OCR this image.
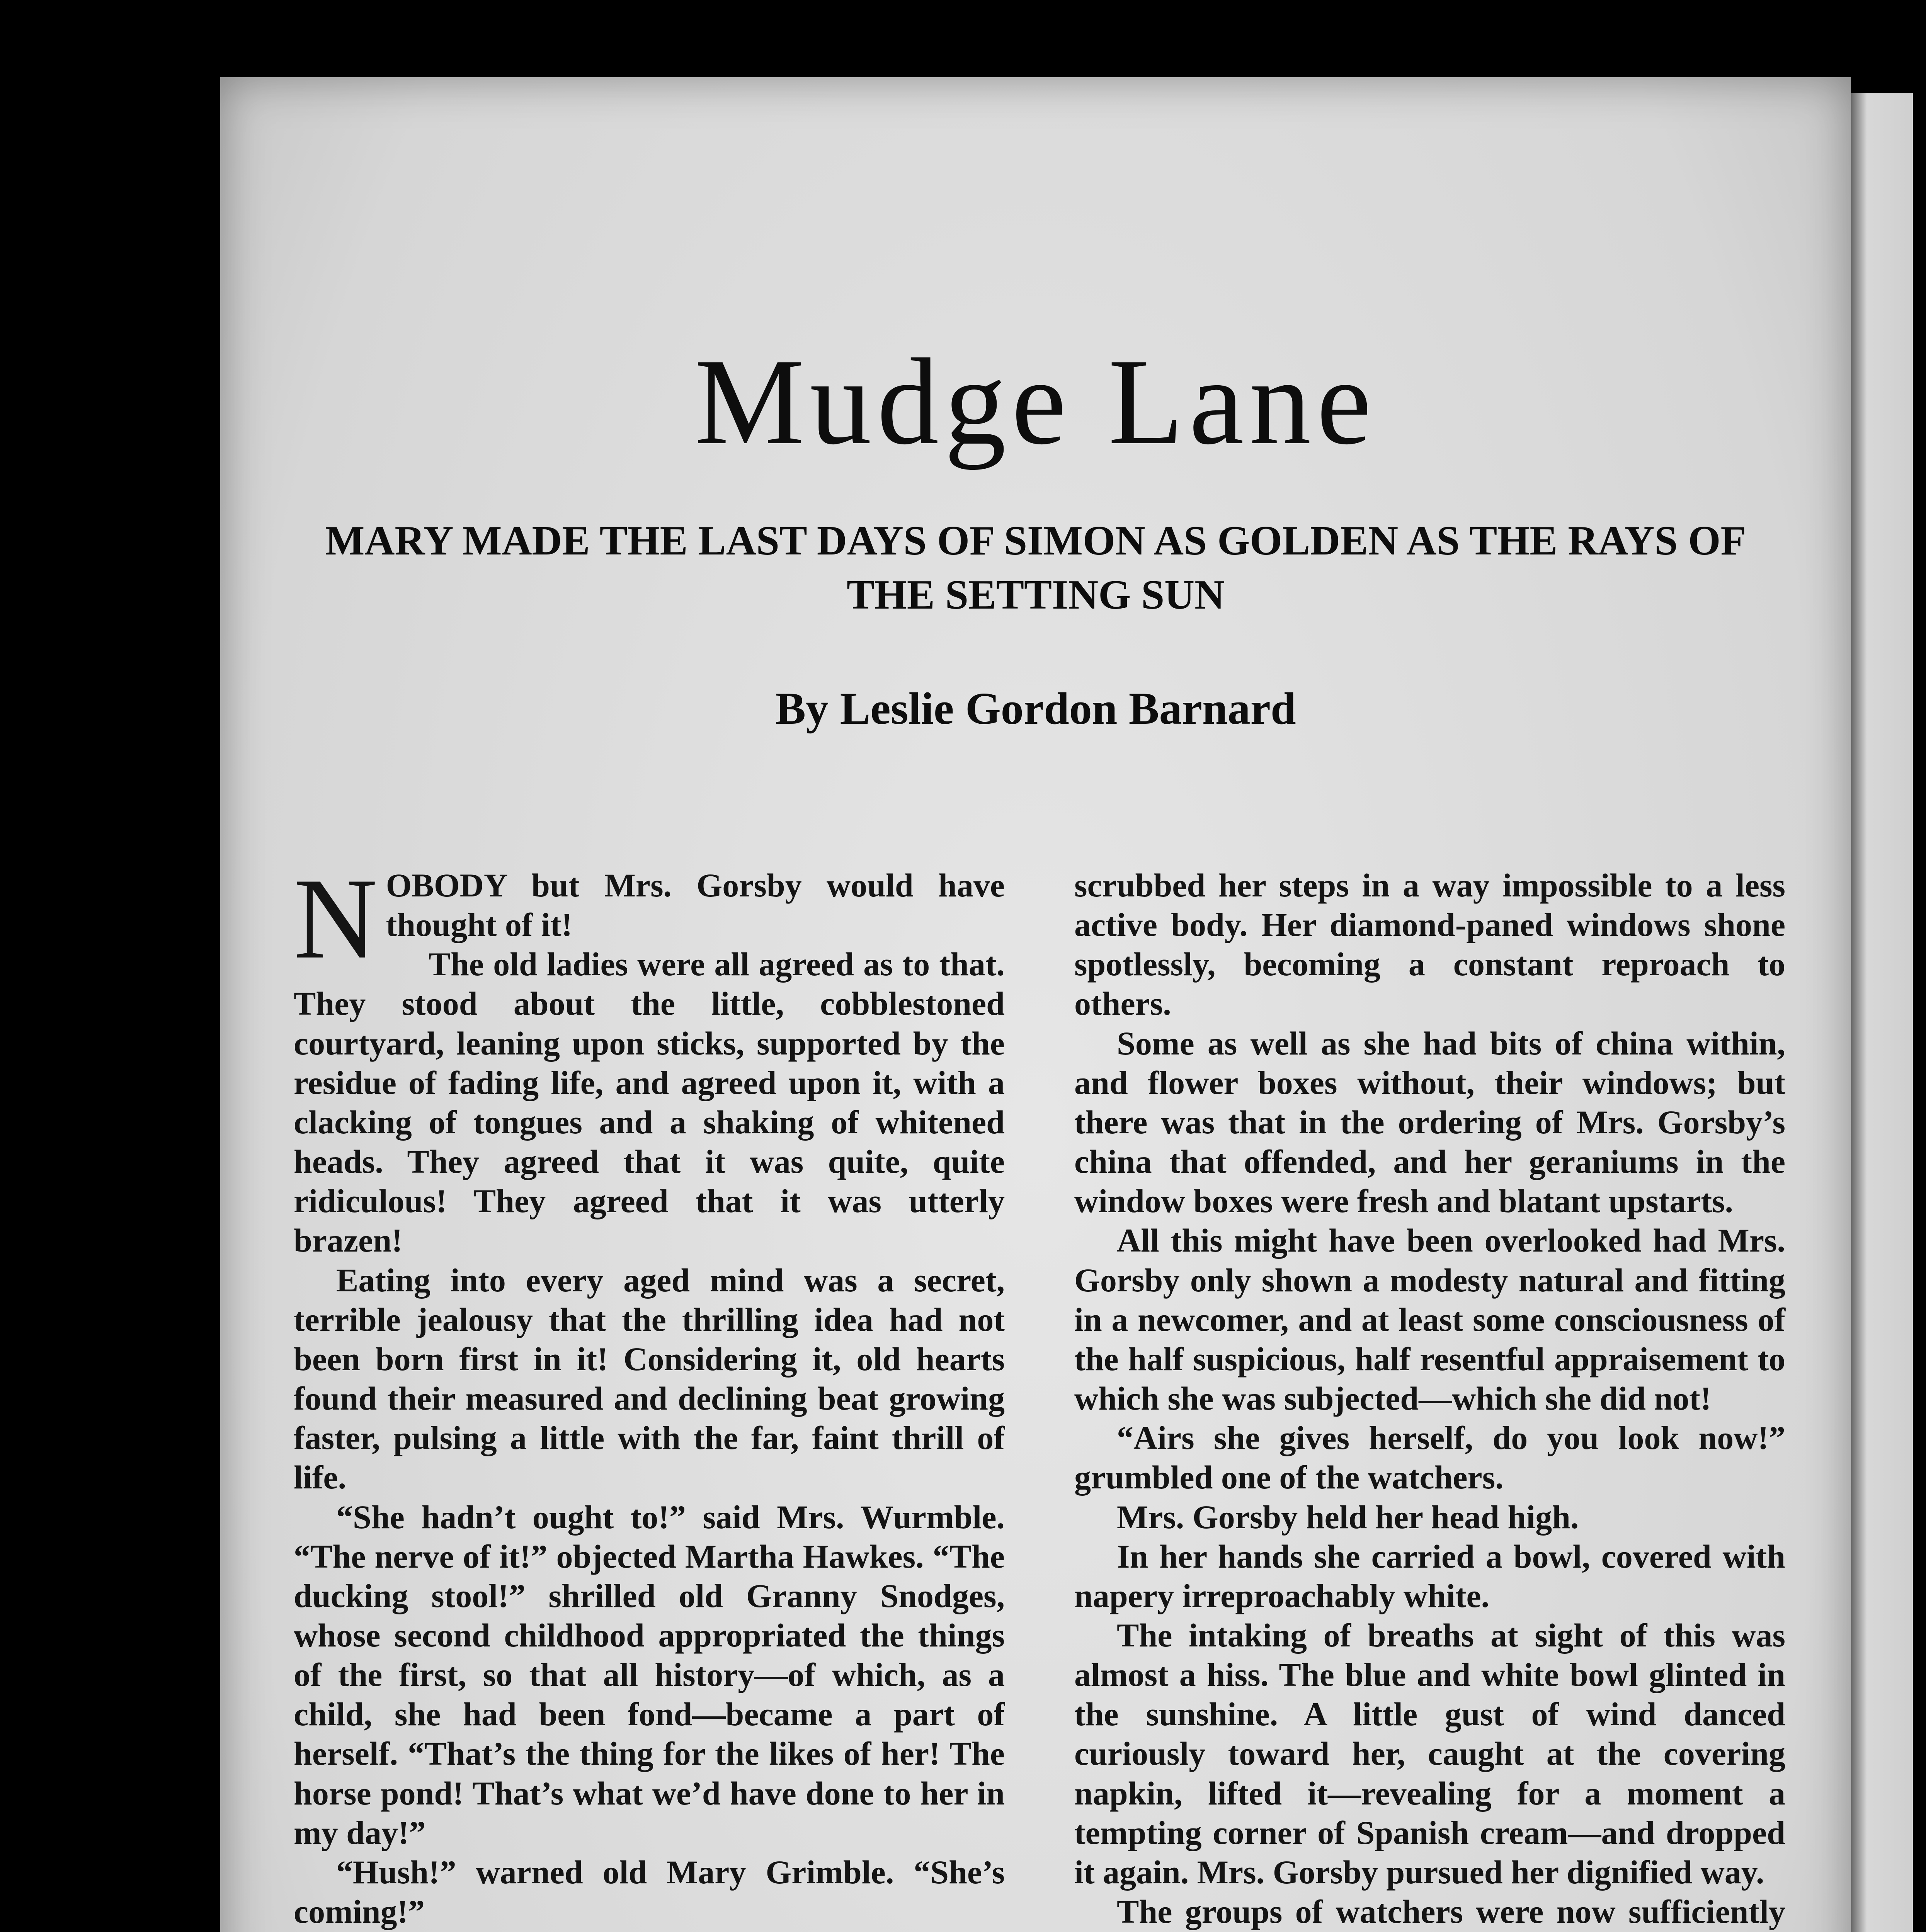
Mudge Lane
MARY MADE THE LAST DAYS OF SIMON AS GOLDEN AS THE RAYS OF THE SETTING SUN
By Leslie Gordon Barnard

NOBODY but Mrs. Gorsby would have thought of it!

The old ladies were all agreed as to that. They stood about the little, cobblestoned courtyard, leaning upon sticks, supported by the residue of fading life, and agreed upon it, with a clacking of tongues and a shaking of whitened heads. They agreed that it was quite, quite ridiculous! They agreed that it was utterly brazen!

Eating into every aged mind was a secret, terrible jealousy that the thrilling idea had not been born first in it! Considering it, old hearts found their measured and declining beat growing faster, pulsing a little with the far, faint thrill of life.

“She hadn’t ought to!” said Mrs. Wurmble. “The nerve of it!” objected Martha Hawkes. “The ducking stool!” shrilled old Granny Snodges, whose second childhood appropriated the things of the first, so that all history—of which, as a child, she had been fond—became a part of herself. “That’s the thing for the likes of her! The horse pond! That’s what we’d have done to her in my day!”

“Hush!” warned old Mary Grimble. “She’s coming!”

scrubbed her steps in a way impossible to a less active body. Her diamond-paned windows shone spotlessly, becoming a constant reproach to others.

Some as well as she had bits of china within, and flower boxes without, their windows; but there was that in the ordering of Mrs. Gorsby’s china that offended, and her geraniums in the window boxes were fresh and blatant upstarts.

All this might have been overlooked had Mrs. Gorsby only shown a modesty natural and fitting in a newcomer, and at least some consciousness of the half suspicious, half resentful appraisement to which she was subjected—which she did not!

“Airs she gives herself, do you look now!” grumbled one of the watchers.

Mrs. Gorsby held her head high.

In her hands she carried a bowl, covered with napery irreproachably white.

The intaking of breaths at sight of this was almost a hiss. The blue and white bowl glinted in the sunshine. A little gust of wind danced curiously toward her, caught at the covering napkin, lifted it—revealing for a moment a tempting corner of Spanish cream—and dropped it again. Mrs. Gorsby pursued her dignified way.

The groups of watchers were now sufficiently
